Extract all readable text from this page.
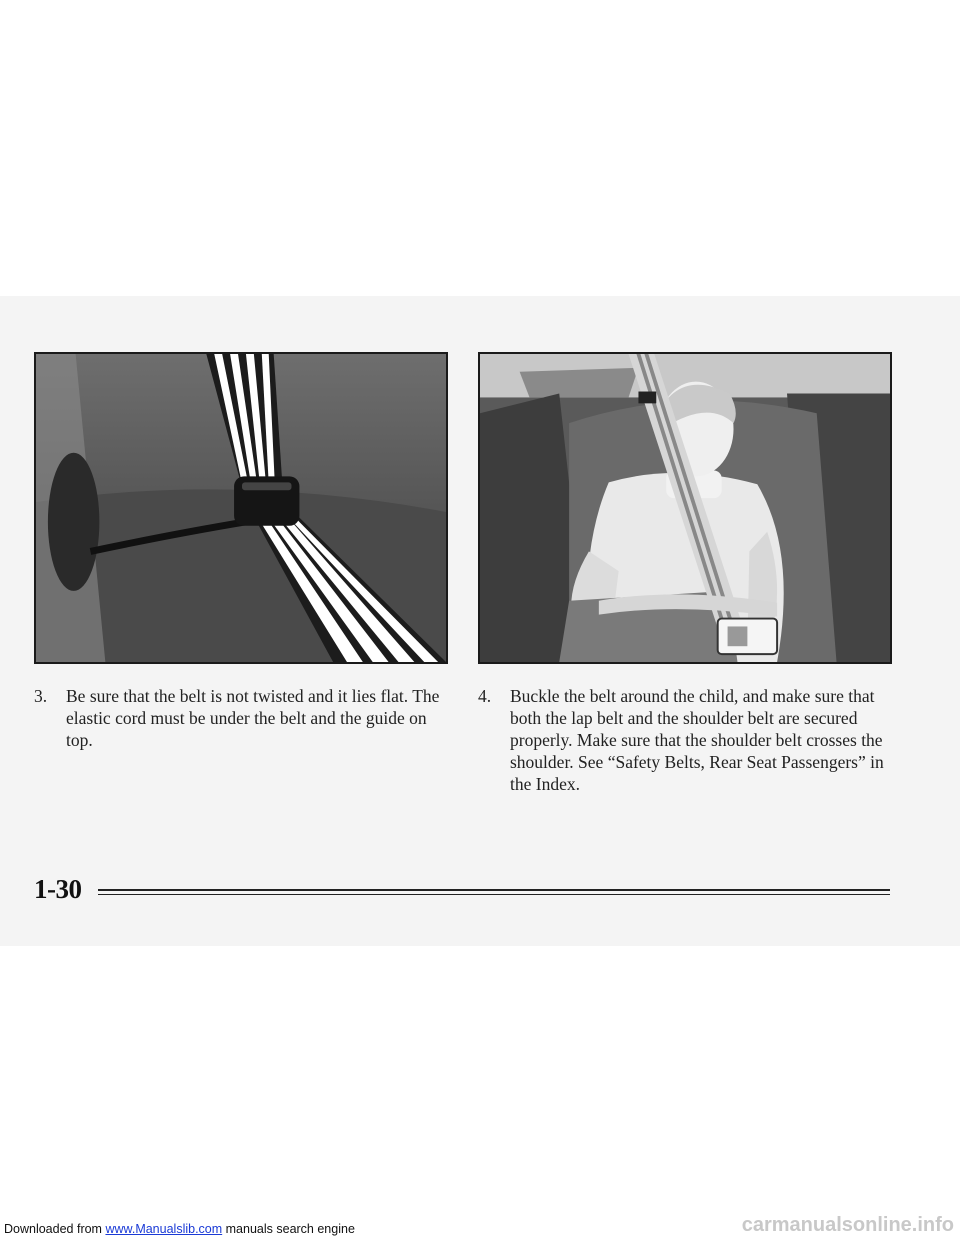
3.	Be sure that the belt is not twisted and it lies flat. The elastic cord must be under the belt and the guide on top.
4.	Buckle the belt around the child, and make sure that both the lap belt and the shoulder belt are secured properly. Make sure that the shoulder belt crosses the shoulder. See “Safety Belts, Rear Seat Passengers” in the Index.
1-30
Downloaded from www.Manualslib.com manuals search engine	carmanualsonline.info
